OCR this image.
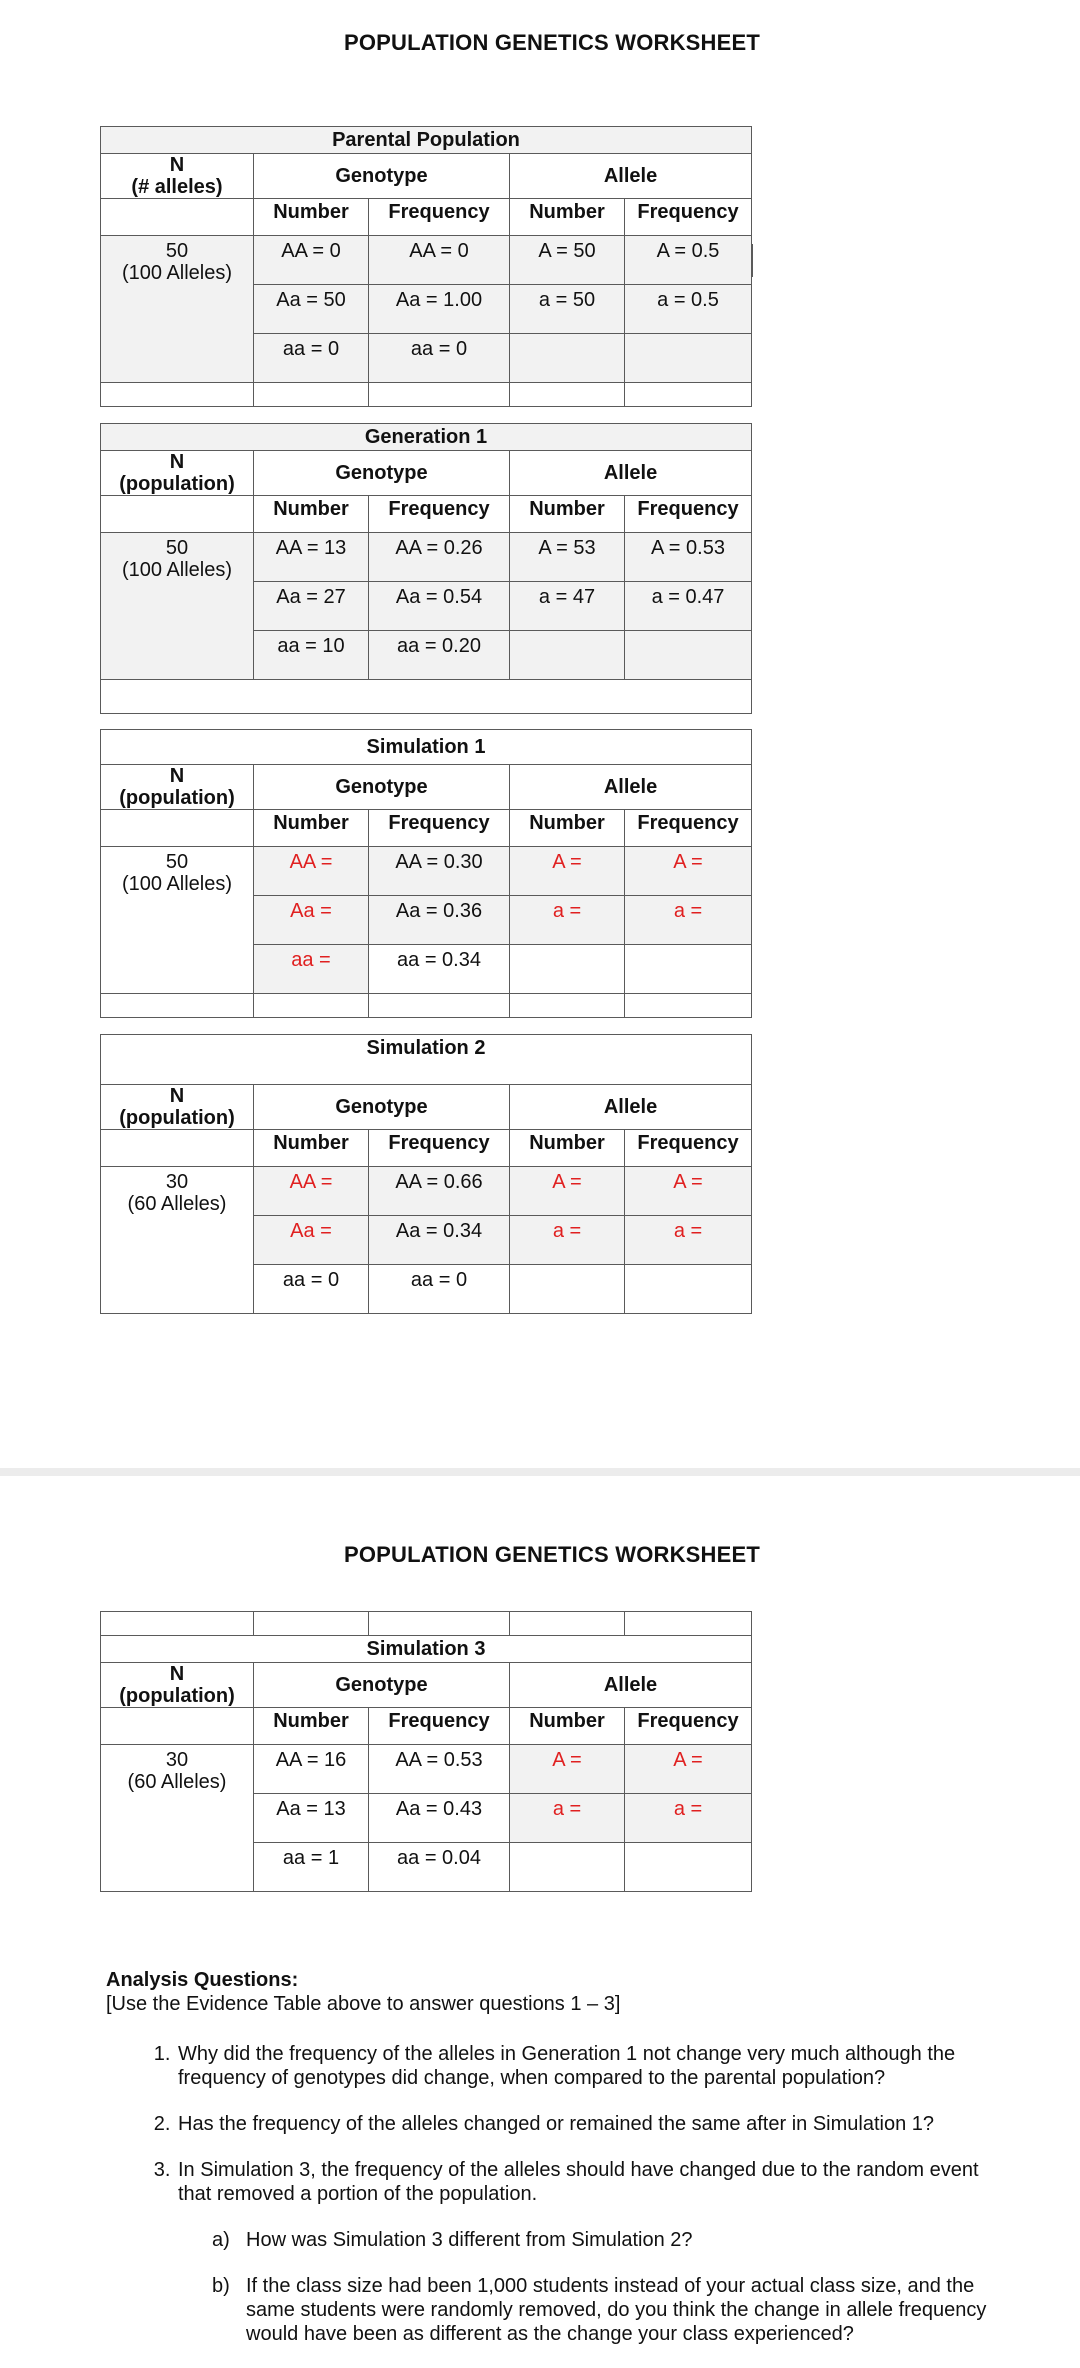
POPULATION GENETICS WORKSHEET
Parental Population				
N
(# alleles)	Genotype		Allele	
	Number	Frequency	Number	Frequency
50
(100 Alleles)	AA = 0	AA = 0	A = 50	A = 0.5
	Aa = 50	Aa = 1.00	a = 50	a = 0.5
	aa = 0	aa = 0		

Generation 1				
N
(population)	Genotype		Allele	
	Number	Frequency	Number	Frequency
50
(100 Alleles)	AA = 13	AA = 0.26	A = 53	A = 0.53
	Aa = 27	Aa = 0.54	a = 47	a = 0.47
	aa = 10	aa = 0.20		

Simulation 1				
N
(population)	Genotype		Allele	
	Number	Frequency	Number	Frequency
50
(100 Alleles)	AA =	AA = 0.30	A =	A =
	Aa =	Aa = 0.36	a =	a =
	aa =	aa = 0.34		

Simulation 2				
N
(population)	Genotype		Allele	
	Number	Frequency	Number	Frequency
30
(60 Alleles)	AA =	AA = 0.66	A =	A =
	Aa =	Aa = 0.34	a =	a =
	aa = 0	aa = 0		
POPULATION GENETICS WORKSHEET

Simulation 3				
N
(population)	Genotype		Allele	
	Number	Frequency	Number	Frequency
30
(60 Alleles)	AA = 16	AA = 0.53	A =	A =
	Aa = 13	Aa = 0.43	a =	a =
	aa = 1	aa = 0.04		
Analysis Questions:
[Use the Evidence Table above to answer questions 1 – 3]
1. Why did the frequency of the alleles in Generation 1 not change very much although the frequency of genotypes did change, when compared to the parental population?
2. Has the frequency of the alleles changed or remained the same after in Simulation 1?
3. In Simulation 3, the frequency of the alleles should have changed due to the random event that removed a portion of the population.
a) How was Simulation 3 different from Simulation 2?
b) If the class size had been 1,000 students instead of your actual class size, and the same students were randomly removed, do you think the change in allele frequency would have been as different as the change your class experienced?
